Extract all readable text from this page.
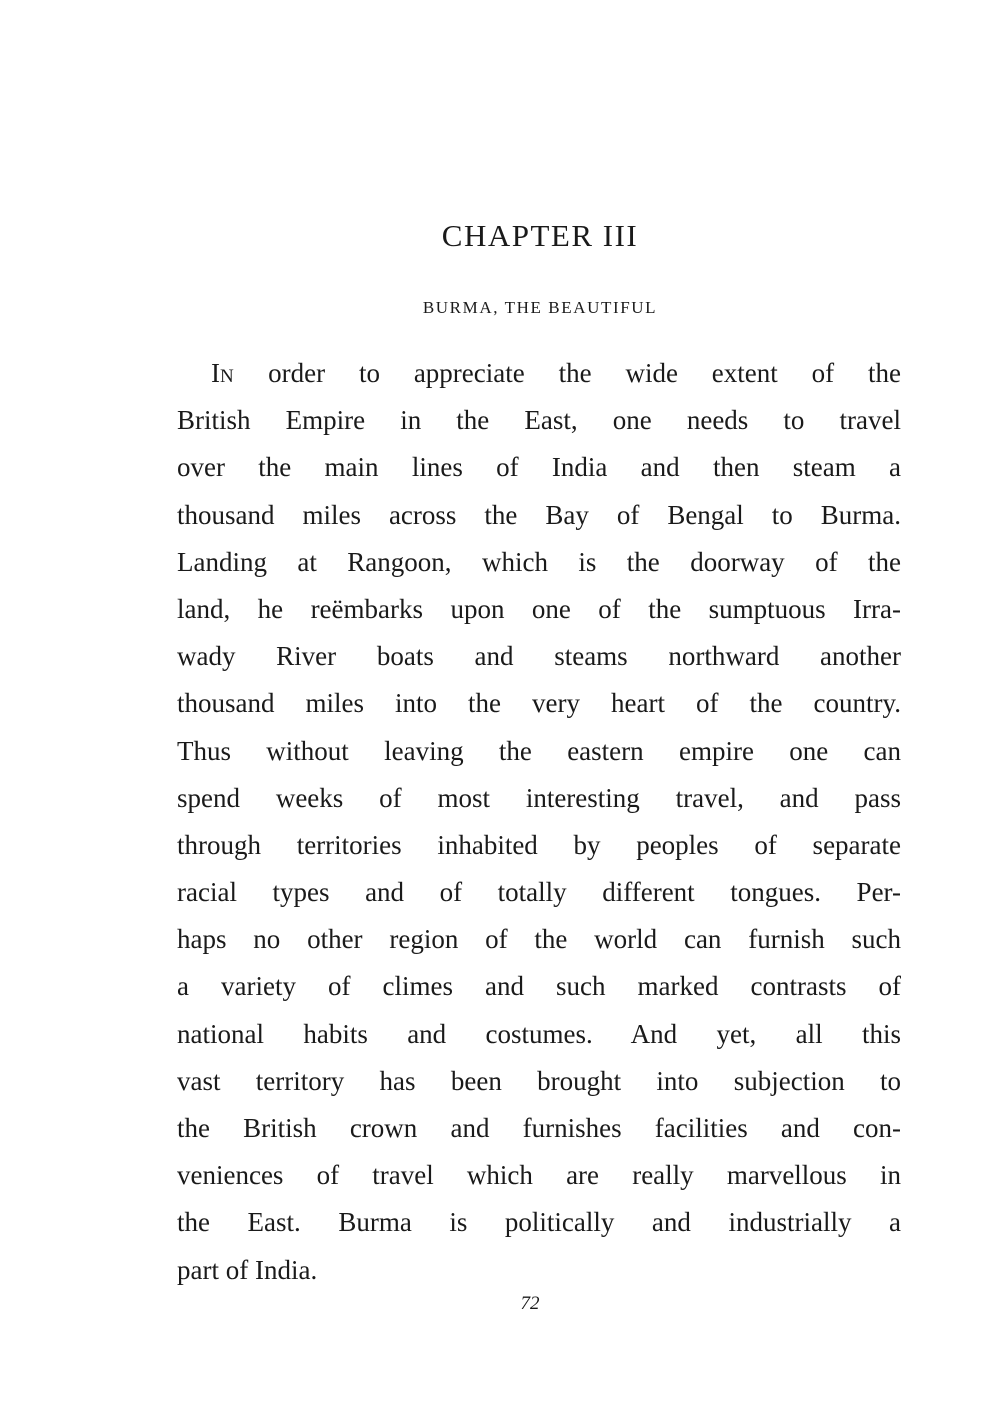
CHAPTER III
BURMA, THE BEAUTIFUL
IN order to appreciate the wide extent of the
British Empire in the East, one needs to travel
over the main lines of India and then steam a
thousand miles across the Bay of Bengal to Burma.
Landing at Rangoon, which is the doorway of the
land, he reëmbarks upon one of the sumptuous Irra-
wady River boats and steams northward another
thousand miles into the very heart of the country.
Thus without leaving the eastern empire one can
spend weeks of most interesting travel, and pass
through territories inhabited by peoples of separate
racial types and of totally different tongues. Per-
haps no other region of the world can furnish such
a variety of climes and such marked contrasts of
national habits and costumes. And yet, all this
vast territory has been brought into subjection to
the British crown and furnishes facilities and con-
veniences of travel which are really marvellous in
the East. Burma is politically and industrially a
part of India.
72
